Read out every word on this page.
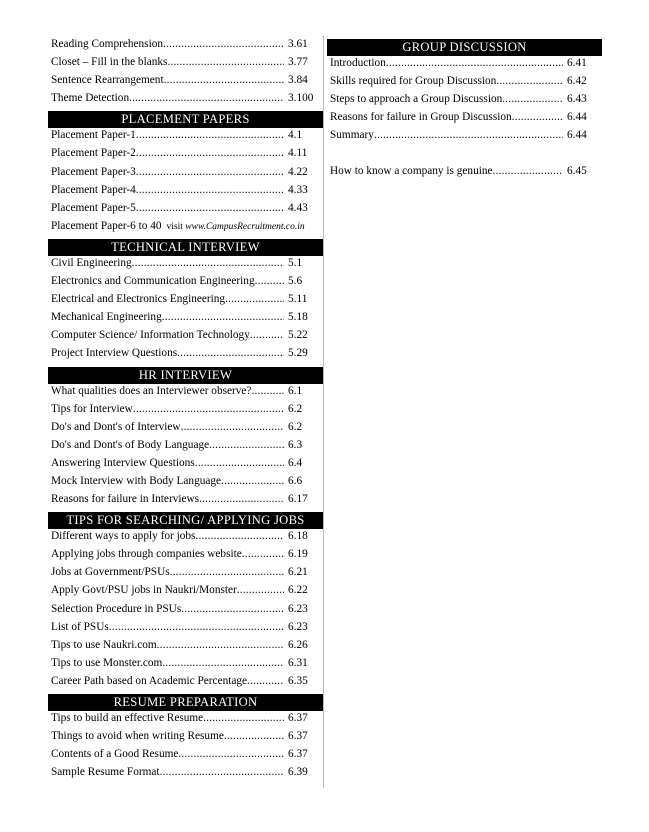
Reading Comprehension .....	3.61
Closet – Fill in the blanks .....	3.77
Sentence Rearrangement .....	3.84
Theme Detection .....	3.100
PLACEMENT PAPERS
Placement Paper-1 .....	4.1
Placement Paper-2 .....	4.11
Placement Paper-3 .....	4.22
Placement Paper-4 .....	4.33
Placement Paper-5 .....	4.43
Placement Paper-6 to 40 visit www.CampusRecruitment.co.in
TECHNICAL INTERVIEW
Civil Engineering .....	5.1
Electronics and Communication Engineering .....	5.6
Electrical and Electronics Engineering .....	5.11
Mechanical Engineering .....	5.18
Computer Science/ Information Technology .....	5.22
Project Interview Questions .....	5.29
HR INTERVIEW
What qualities does an Interviewer observe? .....	6.1
Tips for Interview .....	6.2
Do's and Dont's of Interview .....	6.2
Do's and Dont's of Body Language .....	6.3
Answering Interview Questions .....	6.4
Mock Interview with Body Language .....	6.6
Reasons for failure in Interviews .....	6.17
TIPS FOR SEARCHING/ APPLYING JOBS
Different ways to apply for jobs .....	6.18
Applying jobs through companies website .....	6.19
Jobs at Government/PSUs .....	6.21
Apply Govt/PSU jobs in Naukri/Monster .....	6.22
Selection Procedure in PSUs .....	6.23
List of PSUs .....	6.23
Tips to use Naukri.com .....	6.26
Tips to use Monster.com .....	6.31
Career Path based on Academic Percentage .....	6.35
RESUME PREPARATION
Tips to build an effective Resume .....	6.37
Things to avoid when writing Resume .....	6.37
Contents of a Good Resume .....	6.37
Sample Resume Format .....	6.39
GROUP DISCUSSION
Introduction .....	6.41
Skills required for Group Discussion .....	6.42
Steps to approach a Group Discussion .....	6.43
Reasons for failure in Group Discussion .....	6.44
Summary .....	6.44
How to know a company is genuine .....	6.45
